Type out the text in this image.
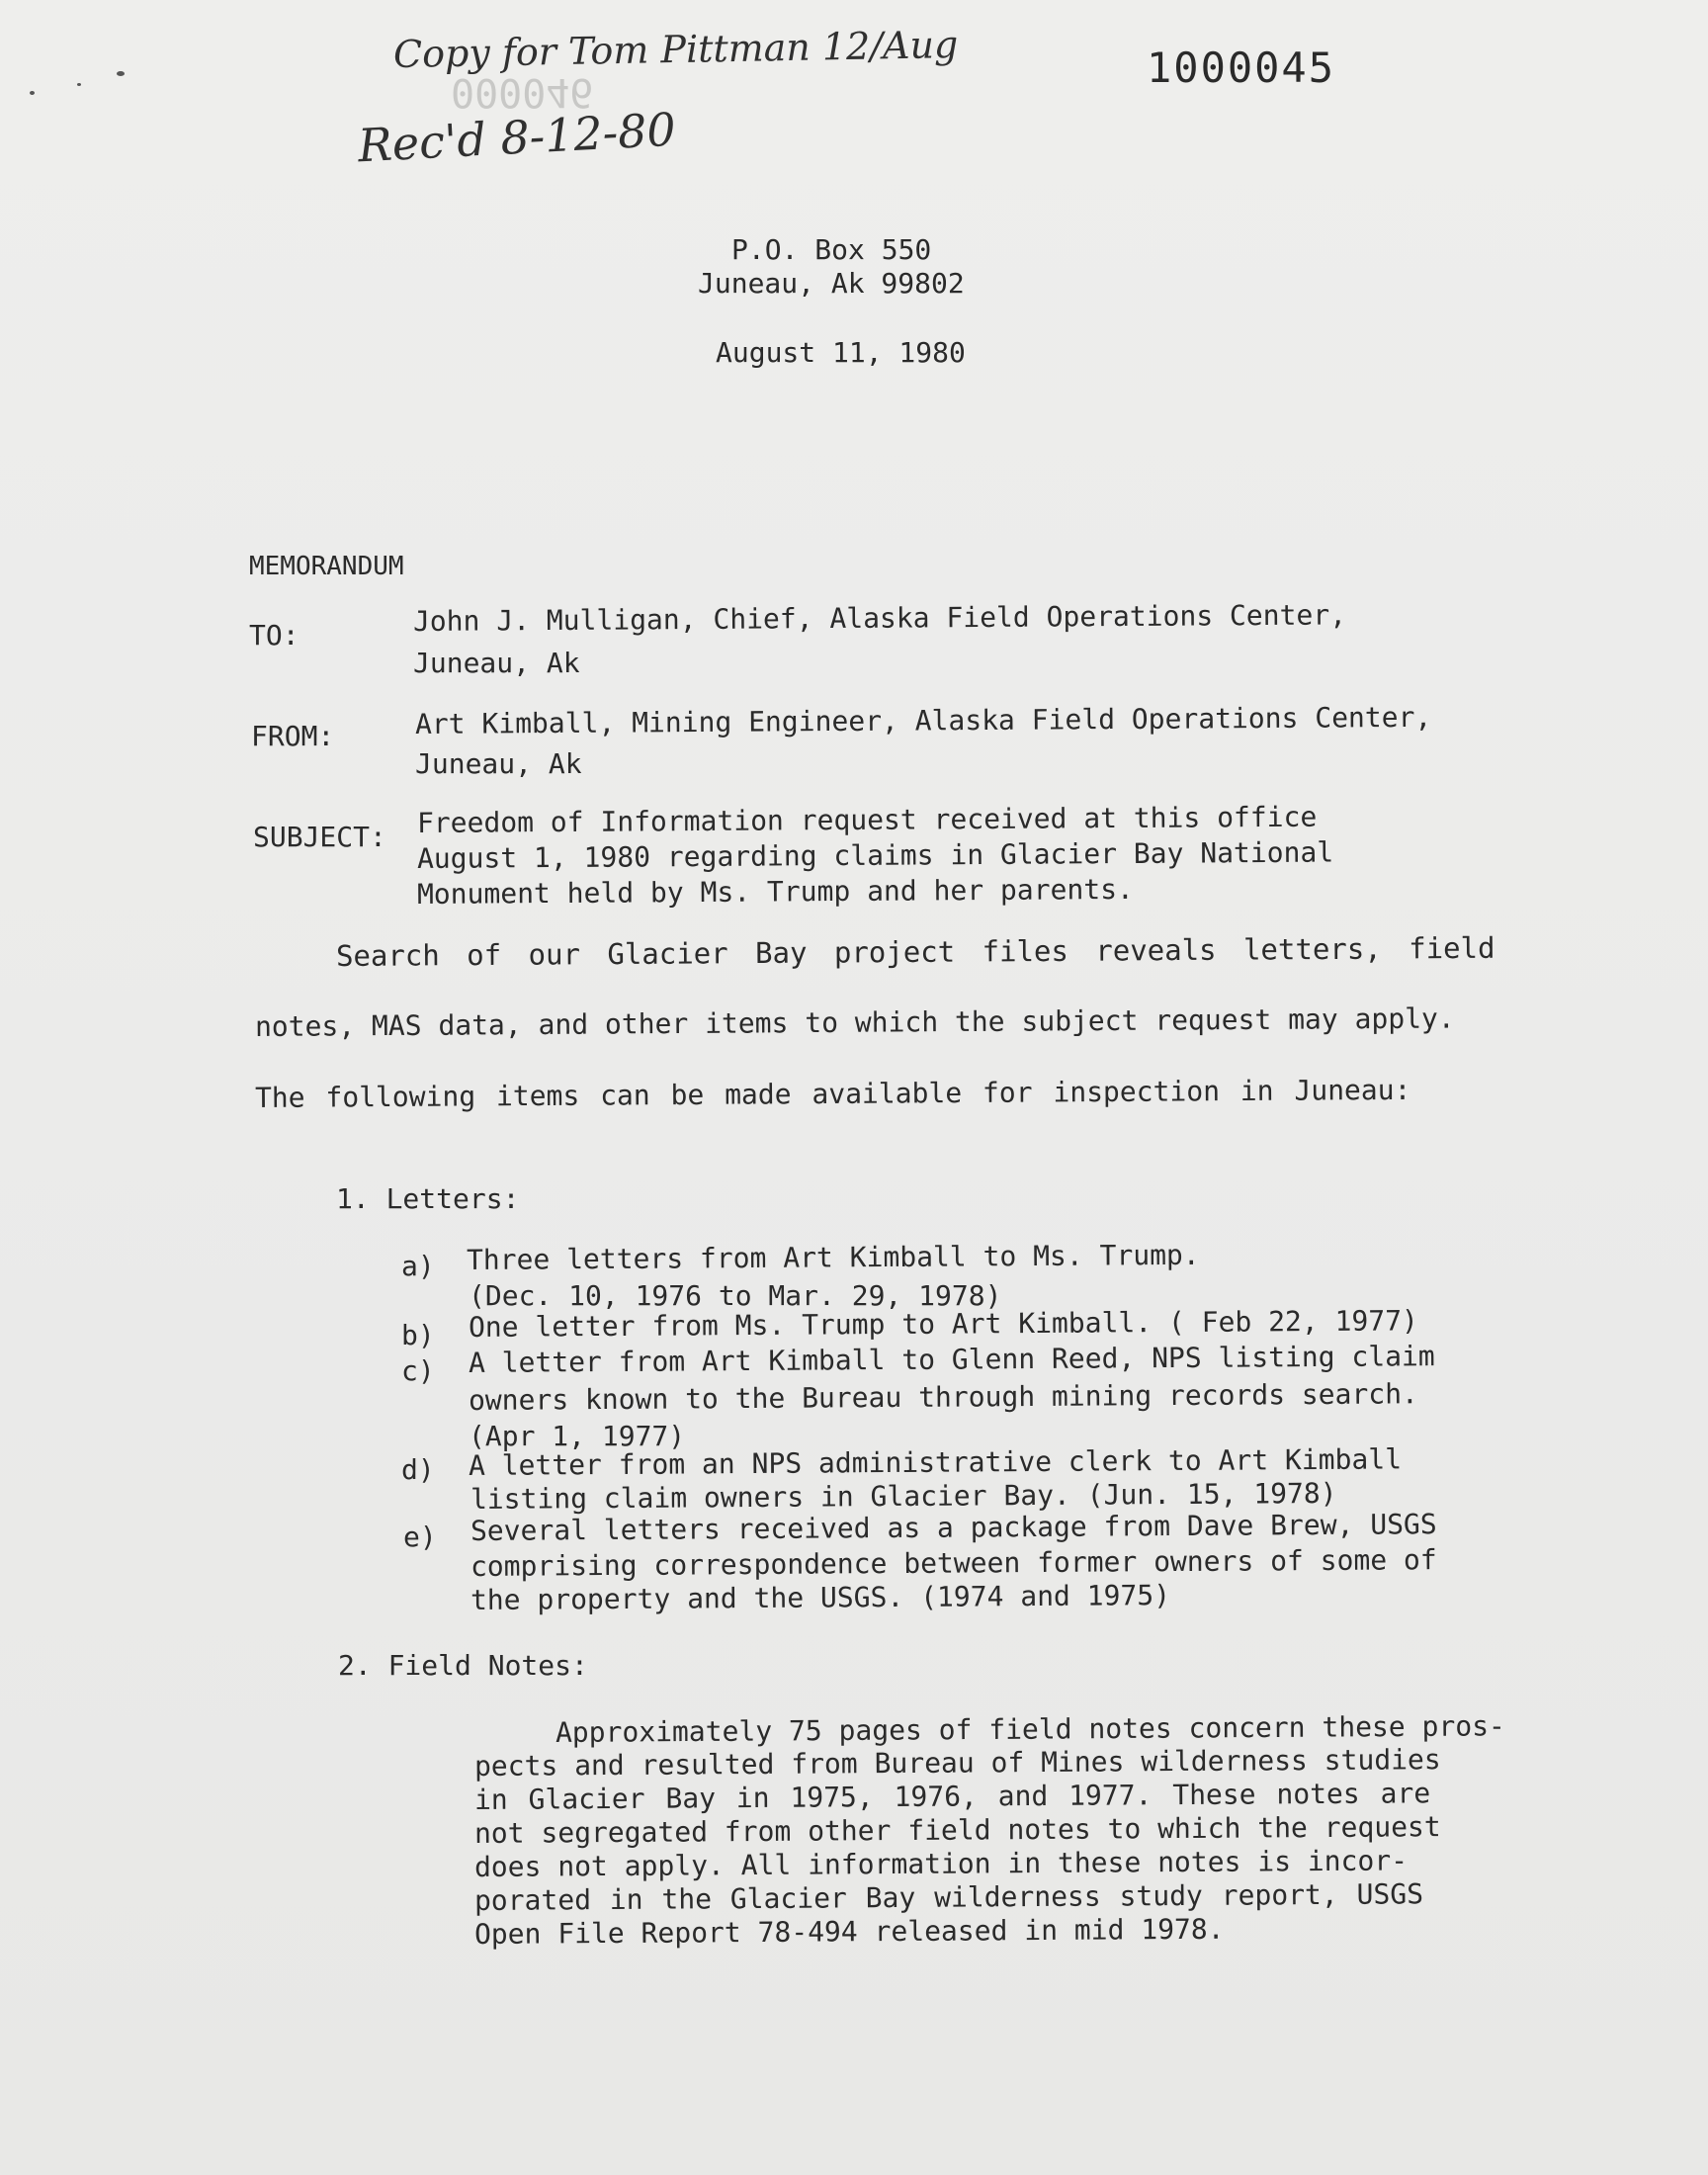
Copy for Tom Pittman 12/Aug	1000045
000046
Rec'd 8-12-80
P.O. Box 550
Juneau, Ak 99802
August 11, 1980
MEMORANDUM
TO:	John J. Mulligan, Chief, Alaska Field Operations Center,
Juneau, Ak
FROM:	Art Kimball, Mining Engineer, Alaska Field Operations Center,
Juneau, Ak
SUBJECT: Freedom of Information request received at this office
August 1, 1980 regarding claims in Glacier Bay National
Monument held by Ms. Trump and her parents.
Search of our Glacier Bay project files reveals letters, field
notes, MAS data, and other items to which the subject request may apply.
The following items can be made available for inspection in Juneau:
1. Letters:
a) Three letters from Art Kimball to Ms. Trump.
(Dec. 10, 1976 to Mar. 29, 1978)
b) One letter from Ms. Trump to Art Kimball. ( Feb 22, 1977)
c) A letter from Art Kimball to Glenn Reed, NPS listing claim
owners known to the Bureau through mining records search.
(Apr 1, 1977)
d) A letter from an NPS administrative clerk to Art Kimball
listing claim owners in Glacier Bay. (Jun. 15, 1978)
e) Several letters received as a package from Dave Brew, USGS
comprising correspondence between former owners of some of
the property and the USGS. (1974 and 1975)
2. Field Notes:
Approximately 75 pages of field notes concern these pros-
pects and resulted from Bureau of Mines wilderness studies
in Glacier Bay in 1975, 1976, and 1977. These notes are
not segregated from other field notes to which the request
does not apply. All information in these notes is incor-
porated in the Glacier Bay wilderness study report, USGS
Open File Report 78-494 released in mid 1978.
